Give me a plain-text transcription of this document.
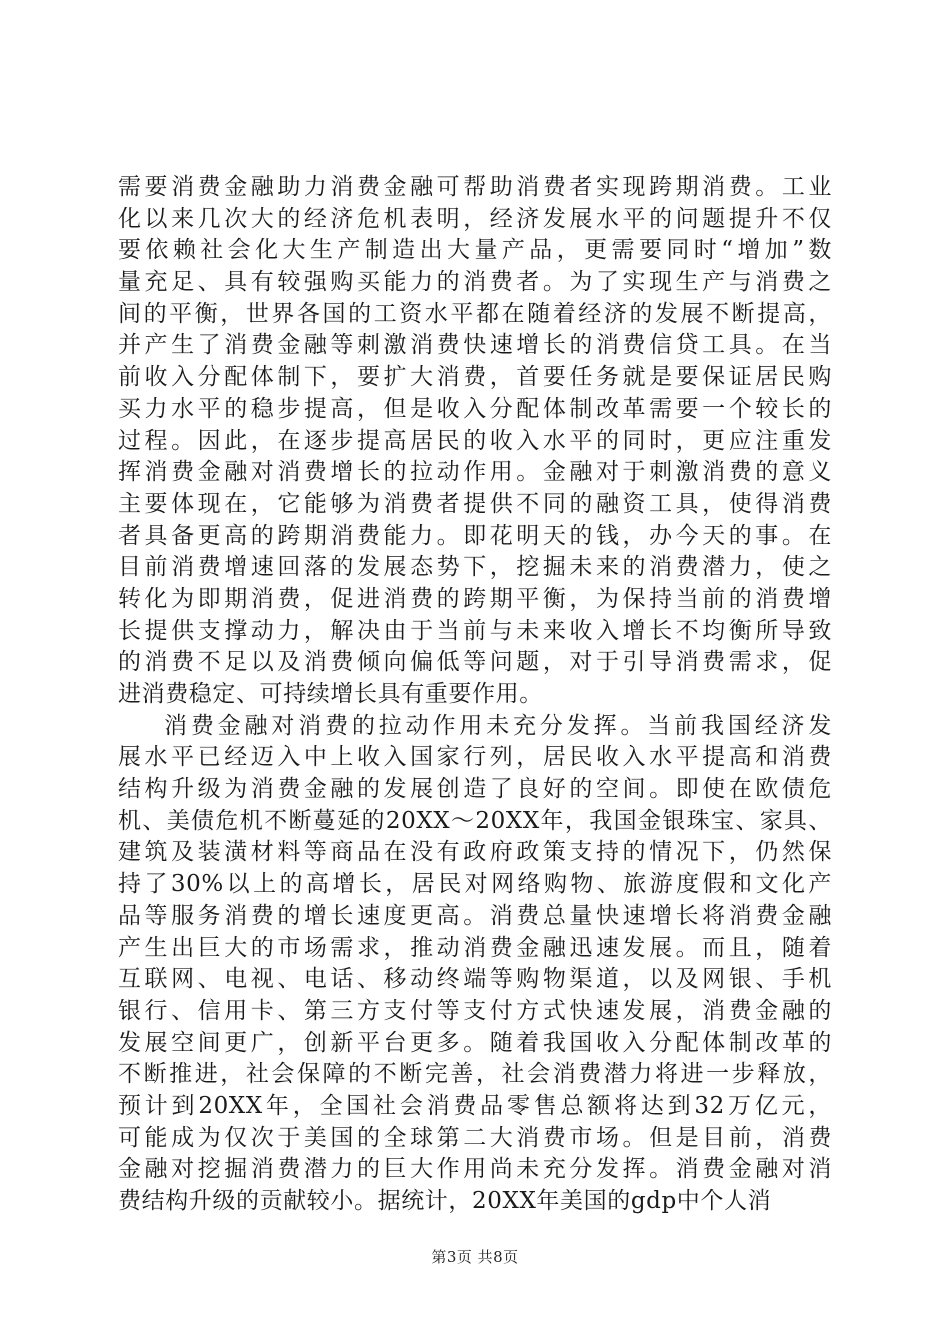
需要消费金融助力消费金融可帮助消费者实现跨期消费。工业
化以来几次大的经济危机表明，经济发展水平的问题提升不仅
要依赖社会化大生产制造出大量产品，更需要同时“增加”数
量充足、具有较强购买能力的消费者。为了实现生产与消费之
间的平衡，世界各国的工资水平都在随着经济的发展不断提高，
并产生了消费金融等刺激消费快速增长的消费信贷工具。在当
前收入分配体制下，要扩大消费，首要任务就是要保证居民购
买力水平的稳步提高，但是收入分配体制改革需要一个较长的
过程。因此，在逐步提高居民的收入水平的同时，更应注重发
挥消费金融对消费增长的拉动作用。金融对于刺激消费的意义
主要体现在，它能够为消费者提供不同的融资工具，使得消费
者具备更高的跨期消费能力。即花明天的钱，办今天的事。在
目前消费增速回落的发展态势下，挖掘未来的消费潜力，使之
转化为即期消费，促进消费的跨期平衡，为保持当前的消费增
长提供支撑动力，解决由于当前与未来收入增长不均衡所导致
的消费不足以及消费倾向偏低等问题，对于引导消费需求，促
进消费稳定、可持续增长具有重要作用。
消费金融对消费的拉动作用未充分发挥。当前我国经济发
展水平已经迈入中上收入国家行列，居民收入水平提高和消费
结构升级为消费金融的发展创造了良好的空间。即使在欧债危
机、美债危机不断蔓延的20XX～20XX年，我国金银珠宝、家具、
建筑及装潢材料等商品在没有政府政策支持的情况下，仍然保
持了30%以上的高增长，居民对网络购物、旅游度假和文化产
品等服务消费的增长速度更高。消费总量快速增长将消费金融
产生出巨大的市场需求，推动消费金融迅速发展。而且，随着
互联网、电视、电话、移动终端等购物渠道，以及网银、手机
银行、信用卡、第三方支付等支付方式快速发展，消费金融的
发展空间更广，创新平台更多。随着我国收入分配体制改革的
不断推进，社会保障的不断完善，社会消费潜力将进一步释放，
预计到20XX年，全国社会消费品零售总额将达到32万亿元，
可能成为仅次于美国的全球第二大消费市场。但是目前，消费
金融对挖掘消费潜力的巨大作用尚未充分发挥。消费金融对消
费结构升级的贡献较小。据统计，20XX年美国的gdp中个人消
第3页 共8页
